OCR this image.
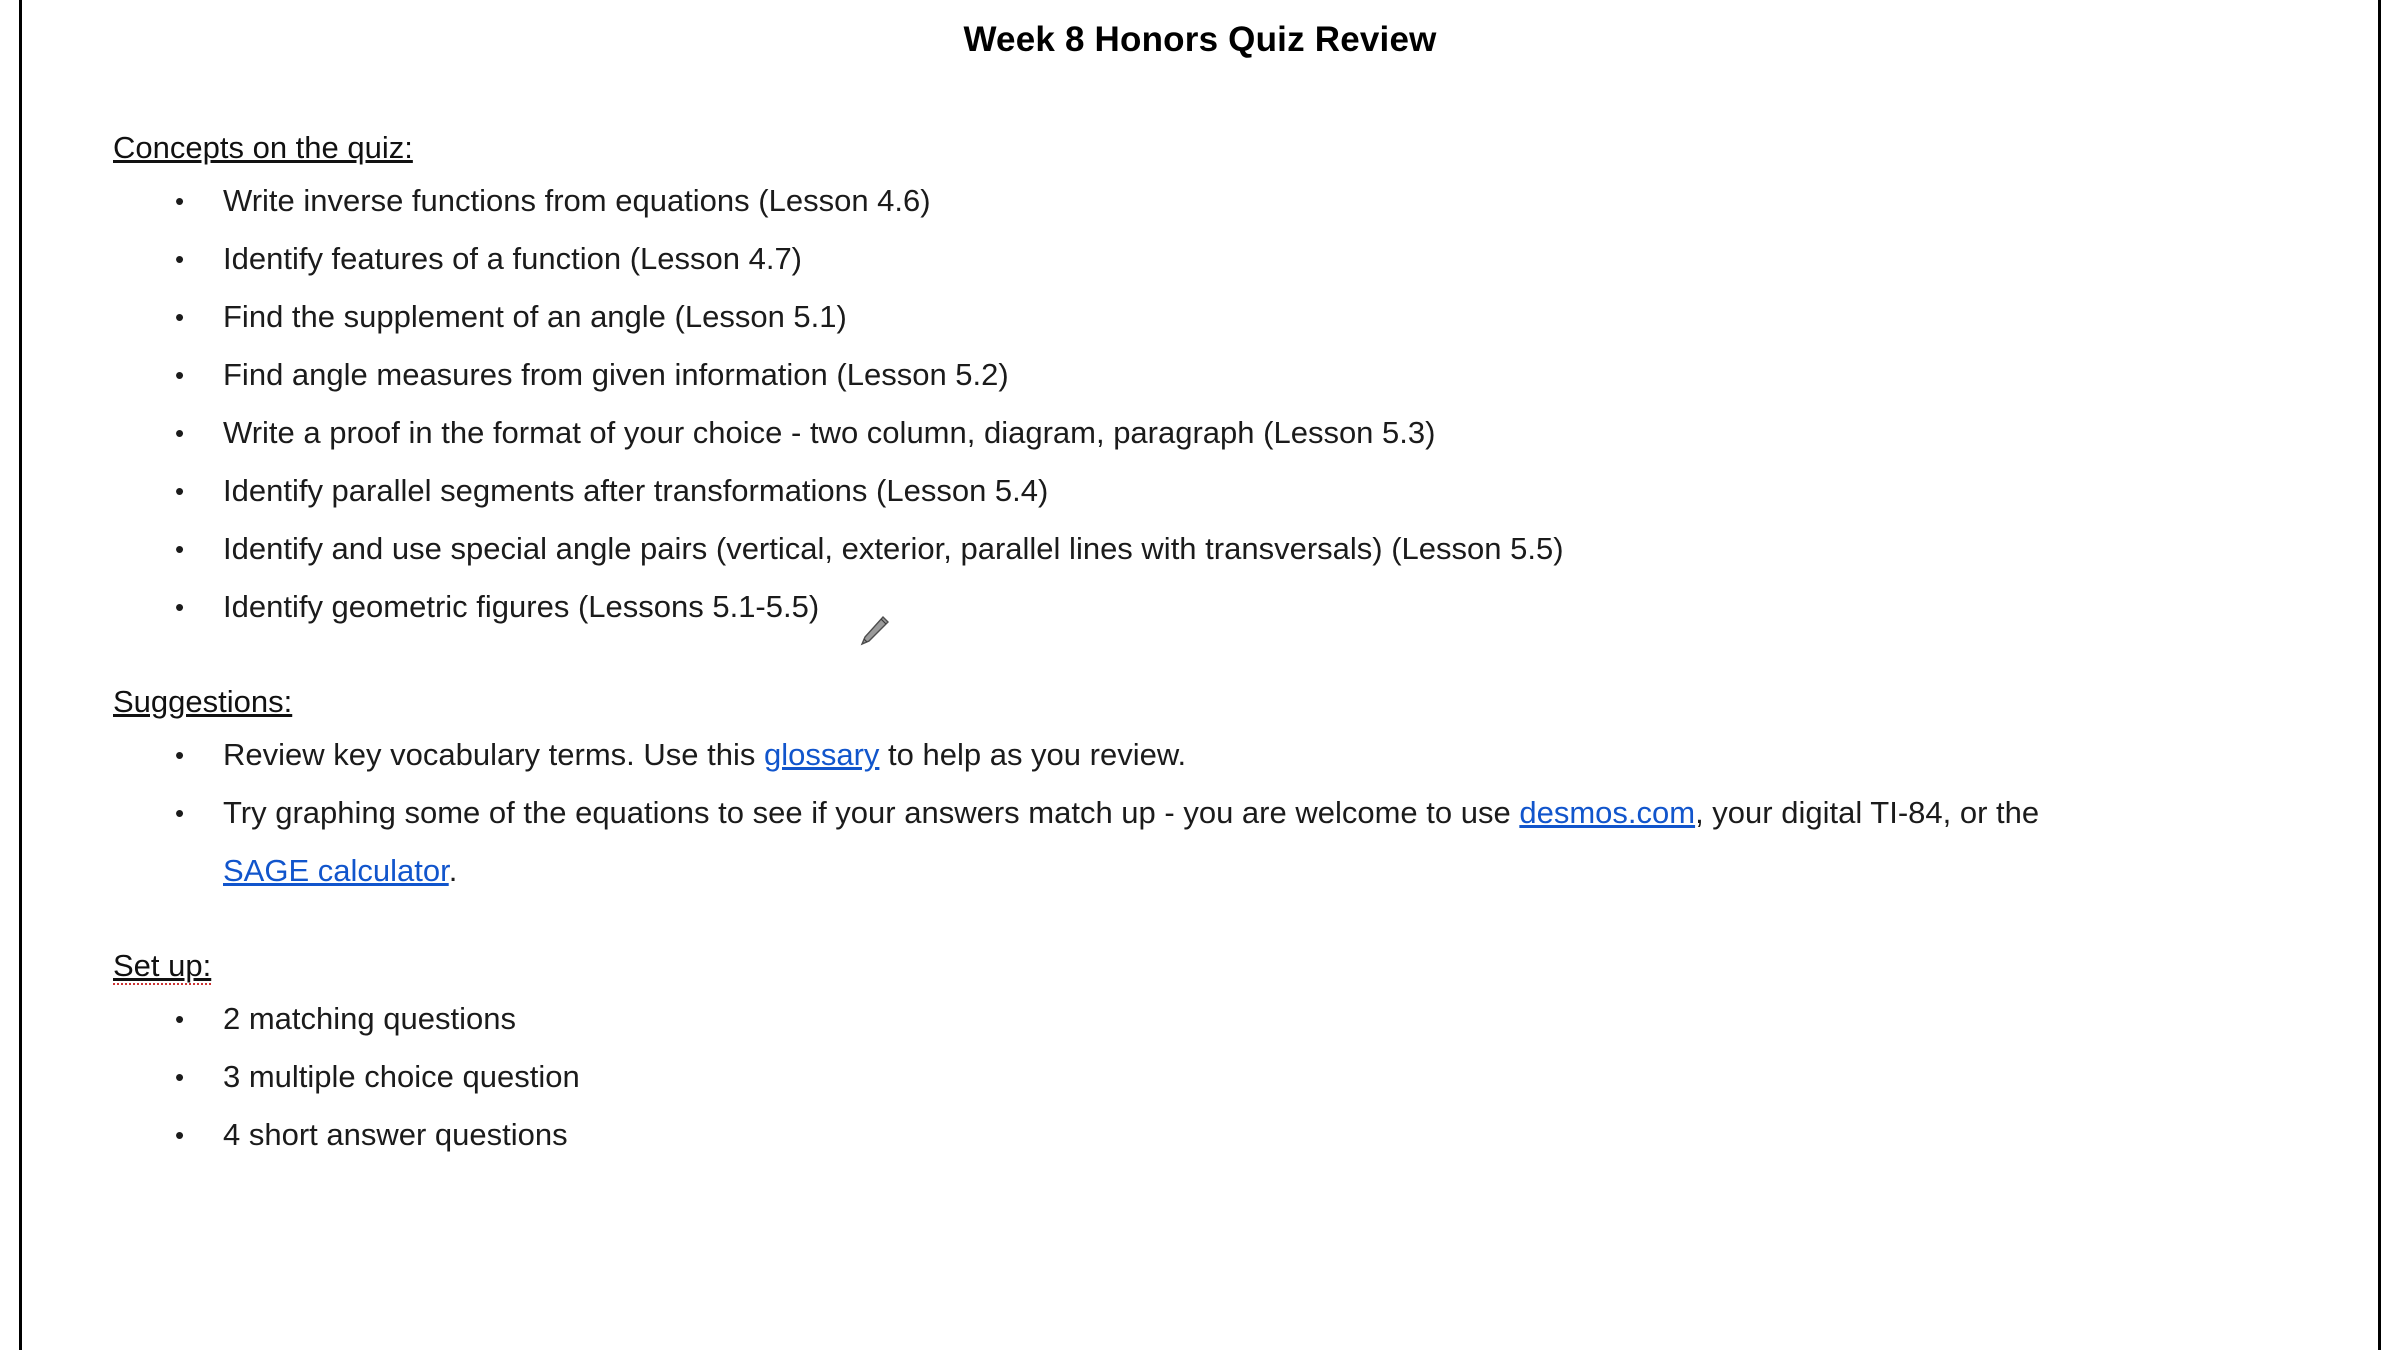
Week 8 Honors Quiz Review
Concepts on the quiz:
• Write inverse functions from equations (Lesson 4.6)
• Identify features of a function (Lesson 4.7)
• Find the supplement of an angle (Lesson 5.1)
• Find angle measures from given information (Lesson 5.2)
• Write a proof in the format of your choice - two column, diagram, paragraph (Lesson 5.3)
• Identify parallel segments after transformations (Lesson 5.4)
• Identify and use special angle pairs (vertical, exterior, parallel lines with transversals) (Lesson 5.5)
• Identify geometric figures (Lessons 5.1-5.5)
Suggestions:
• Review key vocabulary terms. Use this glossary to help as you review.
• Try graphing some of the equations to see if your answers match up - you are welcome to use desmos.com, your digital TI-84, or the SAGE calculator.
Set up:
• 2 matching questions
• 3 multiple choice question
• 4 short answer questions
